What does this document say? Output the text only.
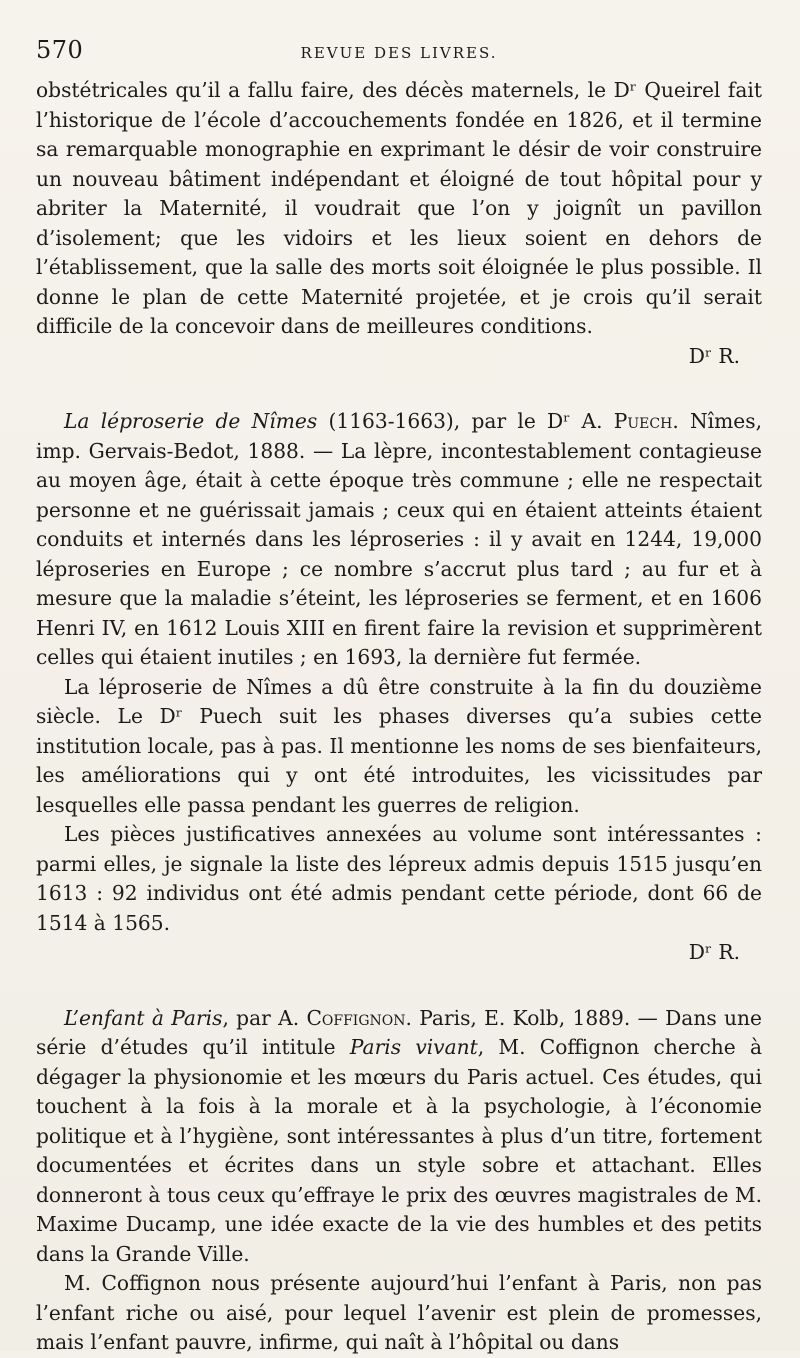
570	REVUE DES LIVRES.

obstétricales qu’il a fallu faire, des décès maternels, le Dʳ Queirel fait l’historique de l’école d’accouchements fondée en 1826, et il termine sa remarquable monographie en exprimant le désir de voir construire un nouveau bâtiment indépendant et éloigné de tout hôpital pour y abriter la Maternité, il voudrait que l’on y joignît un pavillon d’isolement; que les vidoirs et les lieux soient en dehors de l’établissement, que la salle des morts soit éloignée le plus possible. Il donne le plan de cette Maternité projetée, et je crois qu’il serait difficile de la concevoir dans de meilleures conditions.

Dʳ R.

La léproserie de Nîmes (1163-1663), par le Dʳ A. Puech. Nîmes, imp. Gervais-Bedot, 1888. — La lèpre, incontestablement contagieuse au moyen âge, était à cette époque très commune ; elle ne respectait personne et ne guérissait jamais ; ceux qui en étaient atteints étaient conduits et internés dans les léproseries : il y avait en 1244, 19,000 léproseries en Europe ; ce nombre s’accrut plus tard ; au fur et à mesure que la maladie s’éteint, les léproseries se ferment, et en 1606 Henri IV, en 1612 Louis XIII en firent faire la revision et supprimèrent celles qui étaient inutiles ; en 1693, la dernière fut fermée.

La léproserie de Nîmes a dû être construite à la fin du douzième siècle. Le Dʳ Puech suit les phases diverses qu’a subies cette institution locale, pas à pas. Il mentionne les noms de ses bienfaiteurs, les améliorations qui y ont été introduites, les vicissitudes par lesquelles elle passa pendant les guerres de religion.

Les pièces justificatives annexées au volume sont intéressantes : parmi elles, je signale la liste des lépreux admis depuis 1515 jusqu’en 1613 : 92 individus ont été admis pendant cette période, dont 66 de 1514 à 1565.

Dʳ R.

L’enfant à Paris, par A. Coffignon. Paris, E. Kolb, 1889. — Dans une série d’études qu’il intitule Paris vivant, M. Coffignon cherche à dégager la physionomie et les mœurs du Paris actuel. Ces études, qui touchent à la fois à la morale et à la psychologie, à l’économie politique et à l’hygiène, sont intéressantes à plus d’un titre, fortement documentées et écrites dans un style sobre et attachant. Elles donneront à tous ceux qu’effraye le prix des œuvres magistrales de M. Maxime Ducamp, une idée exacte de la vie des humbles et des petits dans la Grande Ville.

M. Coffignon nous présente aujourd’hui l’enfant à Paris, non pas l’enfant riche ou aisé, pour lequel l’avenir est plein de promesses, mais l’enfant pauvre, infirme, qui naît à l’hôpital ou dans
